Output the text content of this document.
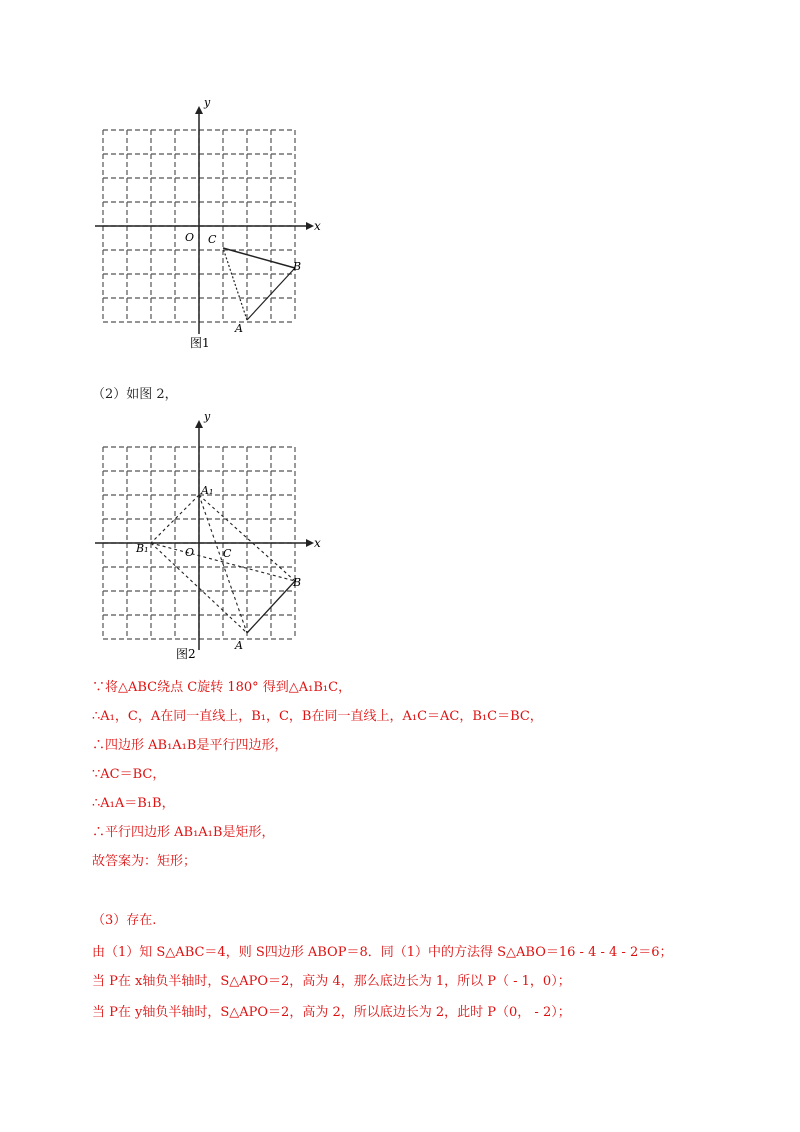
y
x
O C
B
A
图1
（2）如图 2，
y
x
O	C
B
A
A₁
B₁
图2
∵将△ABC绕点 C旋转 180° 得到△A₁B₁C，
∴A₁，C，A在同一直线上，B₁，C，B在同一直线上，A₁C＝AC，B₁C＝BC，
∴四边形 AB₁A₁B是平行四边形，
∵AC＝BC，
∴A₁A＝B₁B，
∴平行四边形 AB₁A₁B是矩形，
故答案为：矩形；
（3）存在.
由（1）知 S△ABC＝4，则 S四边形 ABOP＝8．同（1）中的方法得 S△ABO＝16 - 4 - 4 - 2＝6；
当 P在 x轴负半轴时，S△APO＝2，高为 4，那么底边长为 1，所以 P（ - 1，0）；
当 P在 y轴负半轴时，S△APO＝2，高为 2，所以底边长为 2，此时 P（0， - 2）；
